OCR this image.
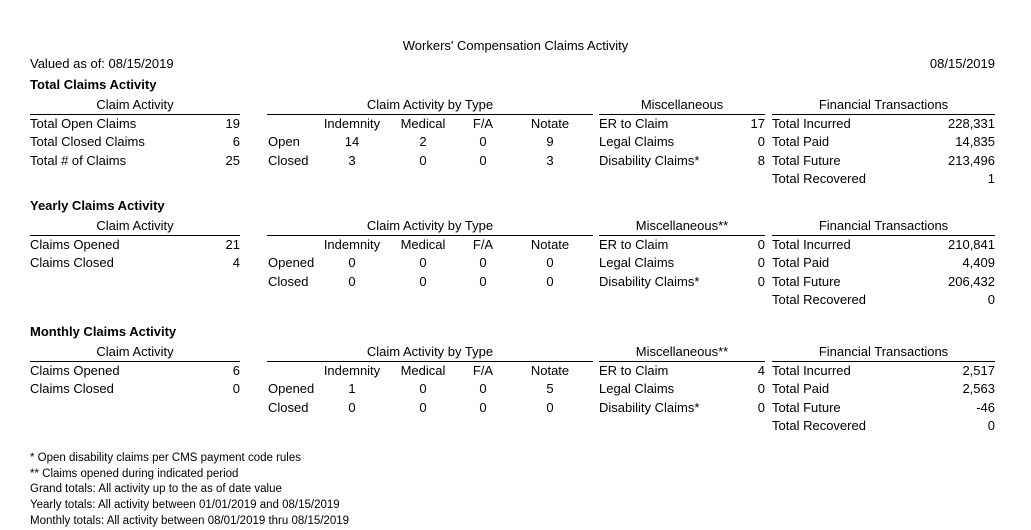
Workers' Compensation Claims Activity
Valued as of: 08/15/2019	08/15/2019
Total Claims Activity
Claim Activity
Total Open Claims	19
Total Closed Claims	6
Total # of Claims	25
Claim Activity by Type
Indemnity	Medical	F/A	Notate
Open	14	2	0	9
Closed	3	0	0	3
Miscellaneous
ER to Claim	17
Legal Claims	0
Disability Claims*	8
Financial Transactions
Total Incurred	228,331
Total Paid	14,835
Total Future	213,496
Total Recovered	1
Yearly Claims Activity
Claim Activity
Claims Opened	21
Claims Closed	4
Claim Activity by Type
Indemnity	Medical	F/A	Notate
Opened	0	0	0	0
Closed	0	0	0	0
Miscellaneous**
ER to Claim	0
Legal Claims	0
Disability Claims*	0
Financial Transactions
Total Incurred	210,841
Total Paid	4,409
Total Future	206,432
Total Recovered	0
Monthly Claims Activity
Claim Activity
Claims Opened	6
Claims Closed	0
Claim Activity by Type
Indemnity	Medical	F/A	Notate
Opened	1	0	0	5
Closed	0	0	0	0
Miscellaneous**
ER to Claim	4
Legal Claims	0
Disability Claims*	0
Financial Transactions
Total Incurred	2,517
Total Paid	2,563
Total Future	-46
Total Recovered	0
* Open disability claims per CMS payment code rules
** Claims opened during indicated period
Grand totals: All activity up to the as of date value
Yearly totals: All activity between 01/01/2019 and 08/15/2019
Monthly totals: All activity between 08/01/2019 thru 08/15/2019
